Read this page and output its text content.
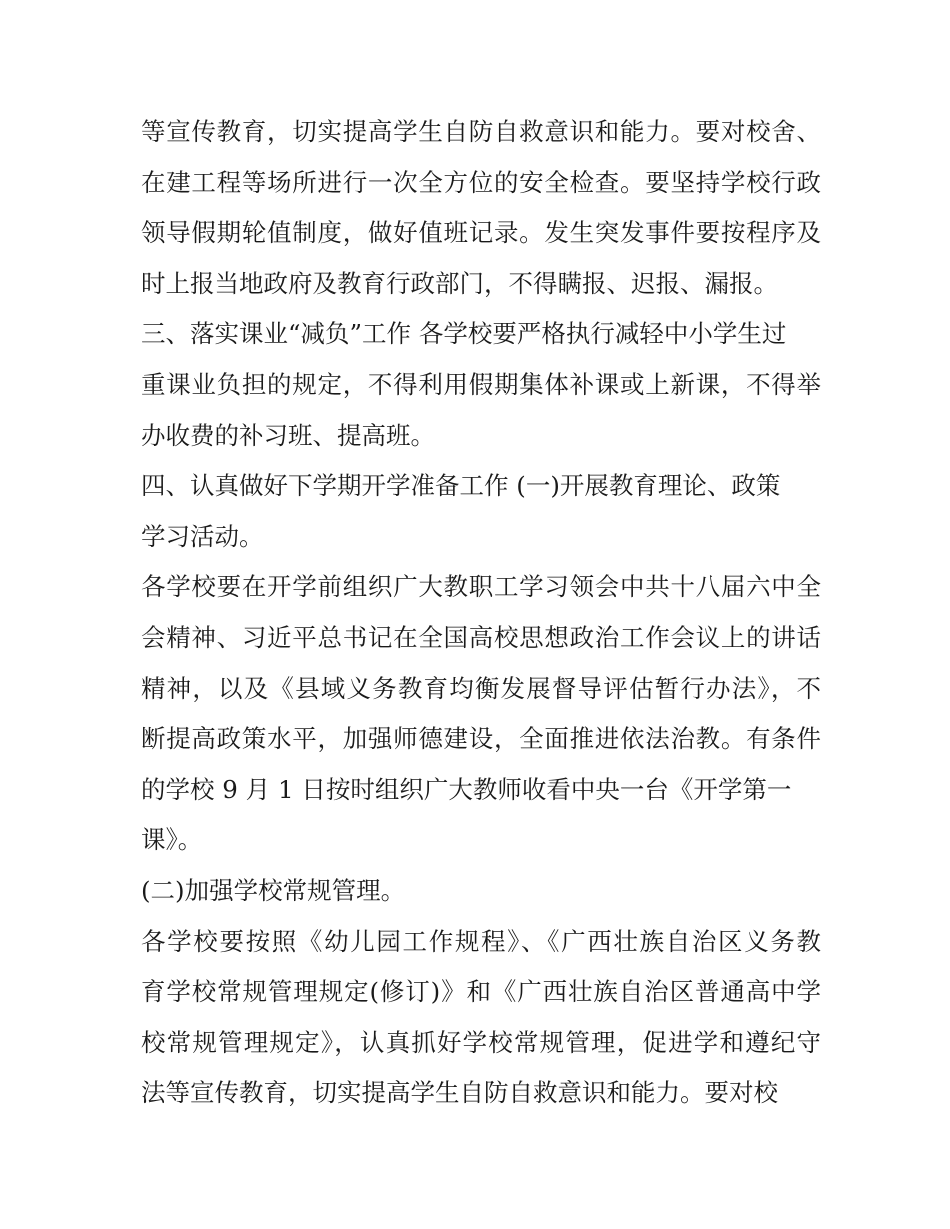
等宣传教育，切实提高学生自防自救意识和能力。要对校舍、
在建工程等场所进行一次全方位的安全检查。要坚持学校行政
领导假期轮值制度，做好值班记录。发生突发事件要按程序及
时上报当地政府及教育行政部门，不得瞒报、迟报、漏报。
三、落实课业“减负”工作 各学校要严格执行减轻中小学生过
重课业负担的规定，不得利用假期集体补课或上新课，不得举
办收费的补习班、提高班。
四、认真做好下学期开学准备工作 (一)开展教育理论、政策
学习活动。
各学校要在开学前组织广大教职工学习领会中共十八届六中全
会精神、习近平总书记在全国高校思想政治工作会议上的讲话
精神，以及《县域义务教育均衡发展督导评估暂行办法》，不
断提高政策水平，加强师德建设，全面推进依法治教。有条件
的学校 9 月 1 日按时组织广大教师收看中央一台《开学第一
课》。
(二)加强学校常规管理。
各学校要按照《幼儿园工作规程》、《广西壮族自治区义务教
育学校常规管理规定(修订)》和《广西壮族自治区普通高中学
校常规管理规定》，认真抓好学校常规管理，促进学和遵纪守
法等宣传教育，切实提高学生自防自救意识和能力。要对校
